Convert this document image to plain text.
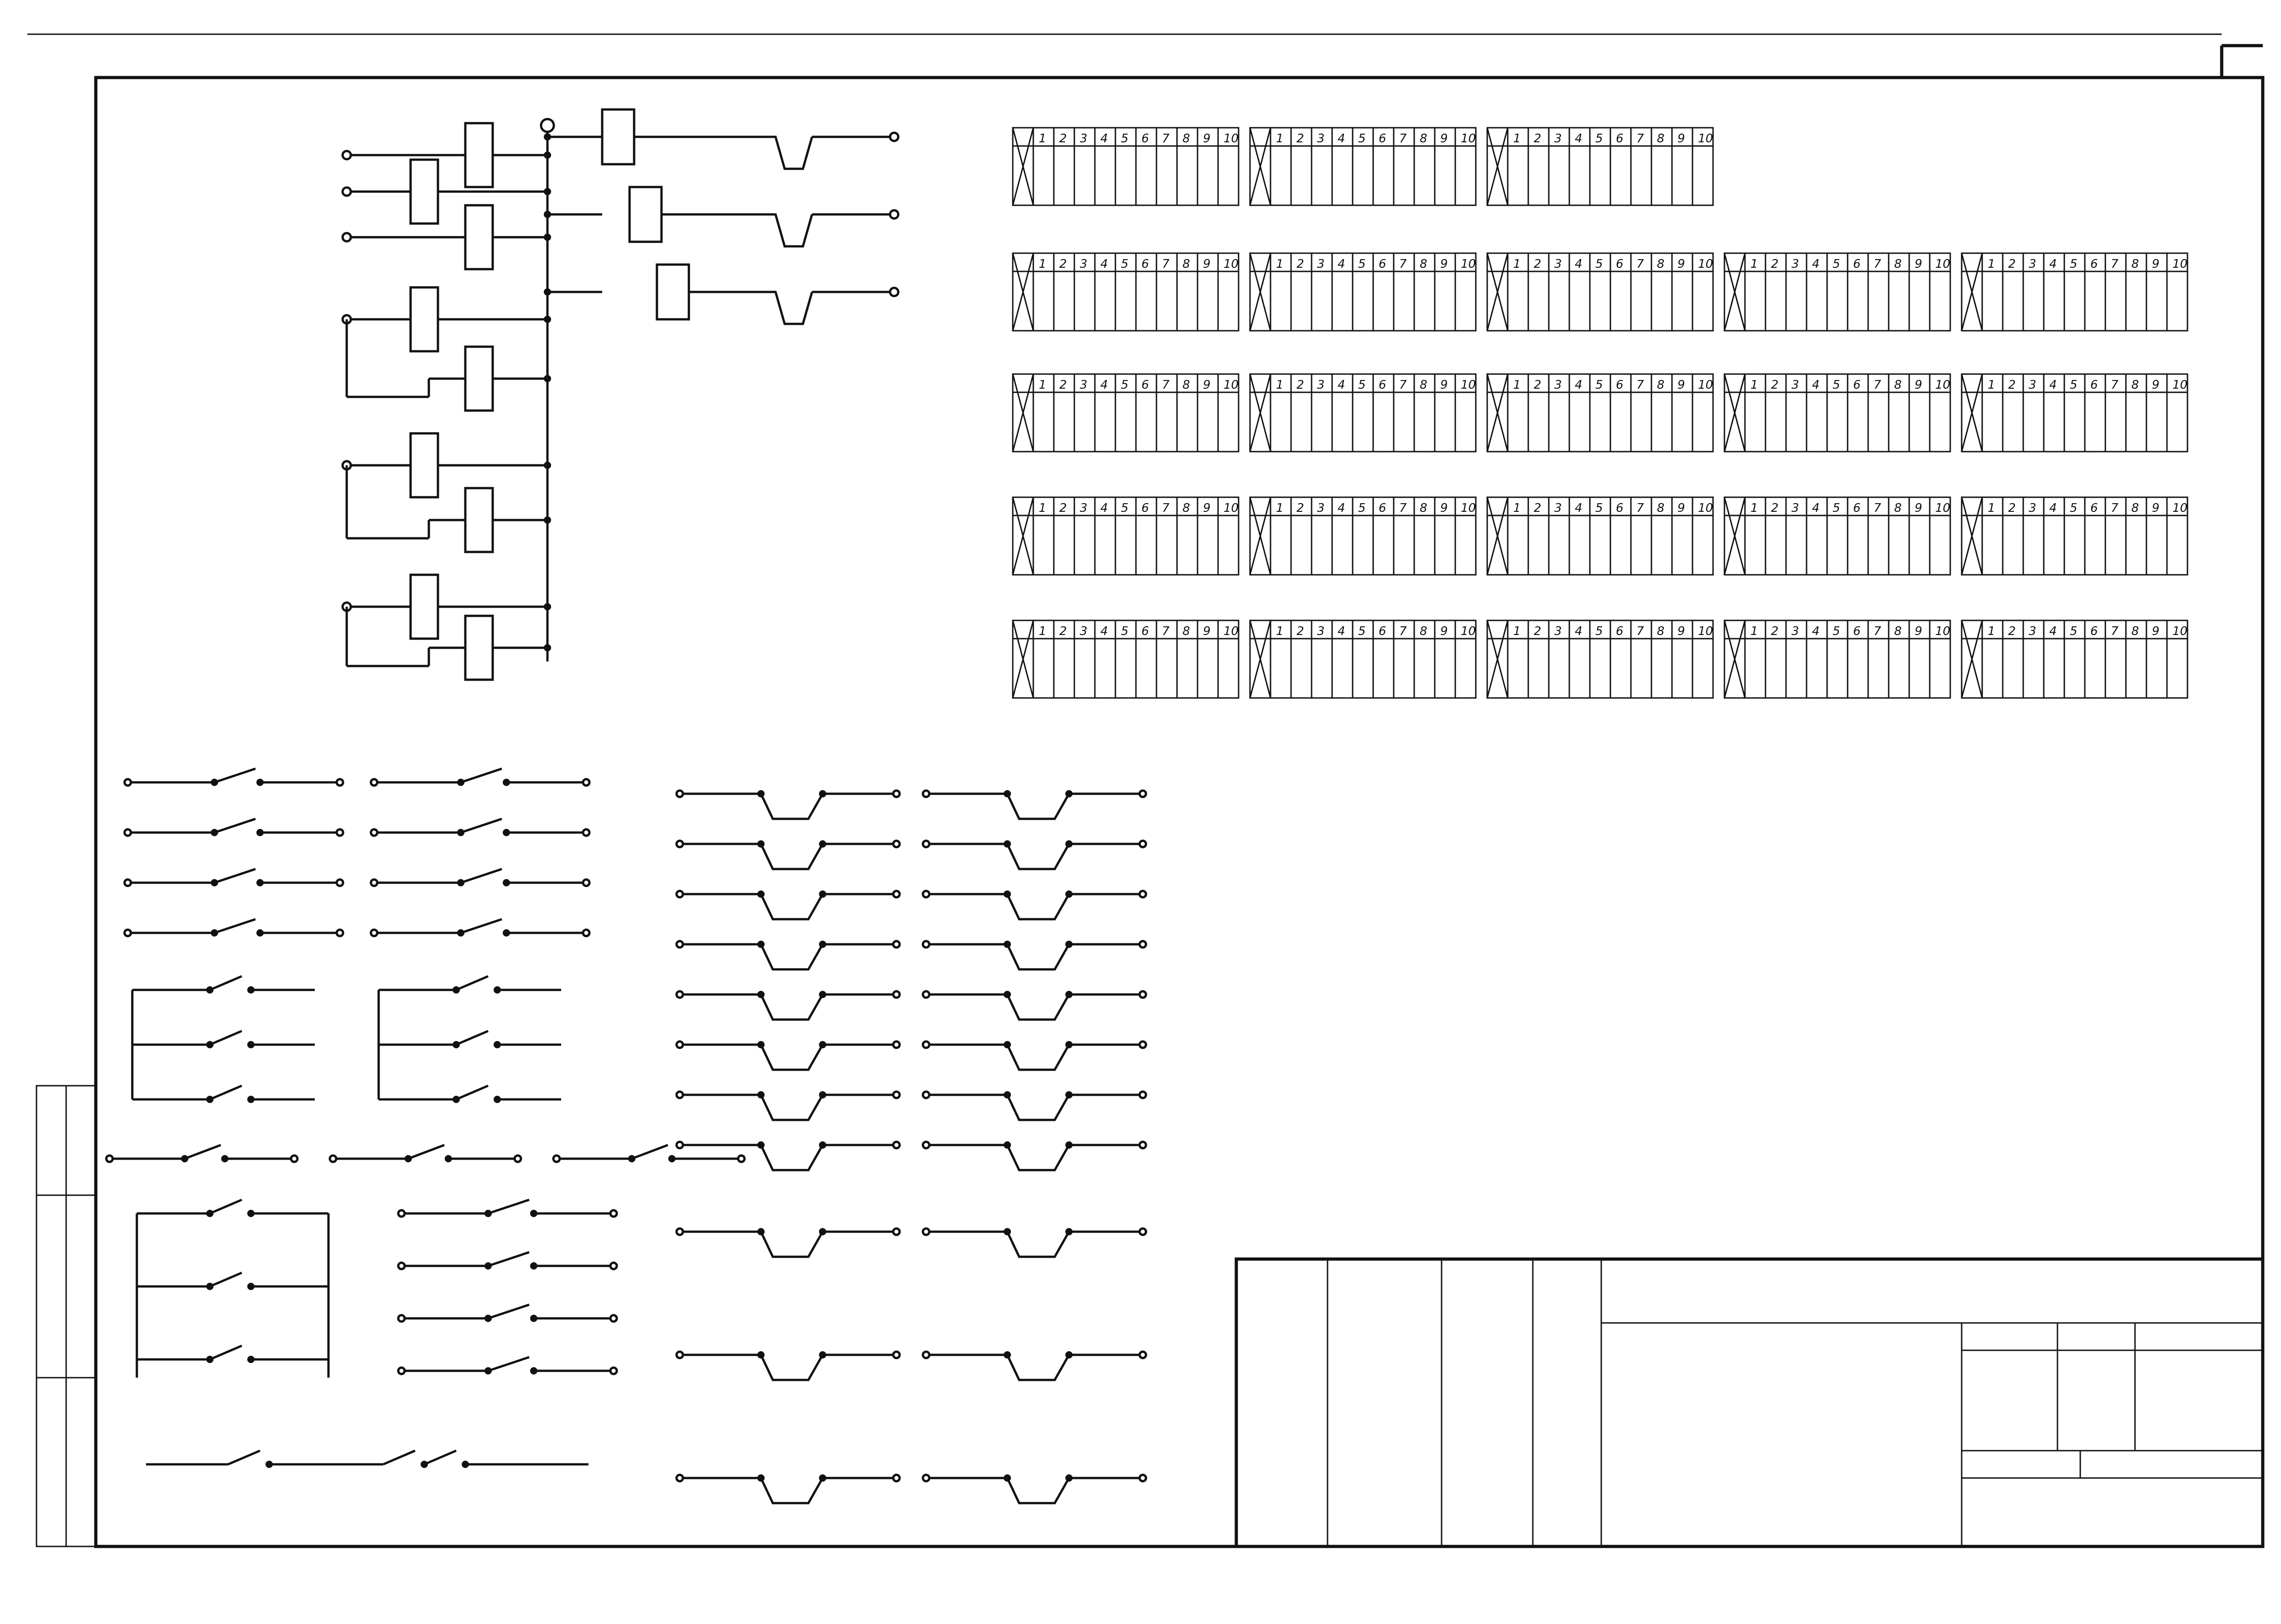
1 2 3 4 5 6 7 8 9 10	1 2 3 4 5 6 7 8 9 10	1 2 3 4 5 6 7 8 9 10
1 2 3 4 5 6 7 8 9 10	1 2 3 4 5 6 7 8 9 10	1 2 3 4 5 6 7 8 9 10	1 2 3 4 5 6 7 8 9 10	1 2 3 4 5 6 7 8 9 10
1 2 3 4 5 6 7 8 9 10	1 2 3 4 5 6 7 8 9 10	1 2 3 4 5 6 7 8 9 10	1 2 3 4 5 6 7 8 9 10	1 2 3 4 5 6 7 8 9 10
1 2 3 4 5 6 7 8 9 10	1 2 3 4 5 6 7 8 9 10	1 2 3 4 5 6 7 8 9 10	1 2 3 4 5 6 7 8 9 10	1 2 3 4 5 6 7 8 9 10
1 2 3 4 5 6 7 8 9 10	1 2 3 4 5 6 7 8 9 10	1 2 3 4 5 6 7 8 9 10	1 2 3 4 5 6 7 8 9 10	1 2 3 4 5 6 7 8 9 10
